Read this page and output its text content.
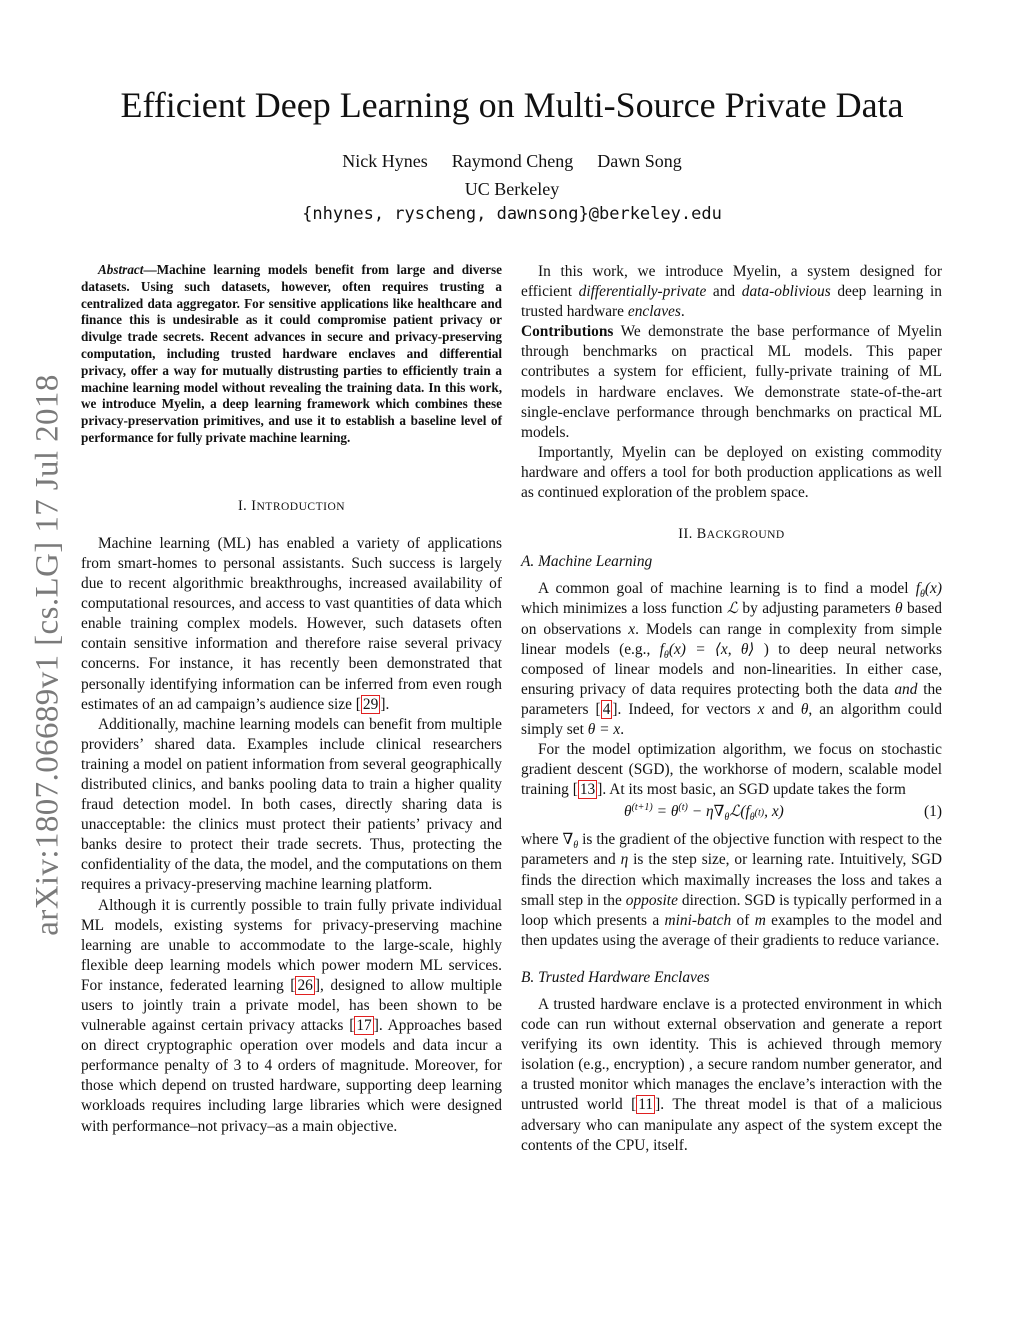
arXiv:1807.06689v1 [cs.LG] 17 Jul 2018
Efficient Deep Learning on Multi-Source Private Data
Nick Hynes Raymond Cheng Dawn Song
UC Berkeley
{nhynes, ryscheng, dawnsong}@berkeley.edu
Abstract—Machine learning models benefit from large and diverse datasets. Using such datasets, however, often requires trusting a centralized data aggregator. For sensitive applications like healthcare and finance this is undesirable as it could compromise patient privacy or divulge trade secrets. Recent advances in secure and privacy-preserving computation, including trusted hardware enclaves and differential privacy, offer a way for mutually distrusting parties to efficiently train a machine learning model without revealing the training data. In this work, we introduce Myelin, a deep learning framework which combines these privacy-preservation primitives, and use it to establish a baseline level of performance for fully private machine learning.
I. INTRODUCTION

Machine learning (ML) has enabled a variety of applications from smart-homes to personal assistants. Such success is largely due to recent algorithmic breakthroughs, increased availability of computational resources, and access to vast quantities of data which enable training complex models. However, such datasets often contain sensitive information and therefore raise several privacy concerns. For instance, it has recently been demonstrated that personally identifying information can be inferred from even rough estimates of an ad campaign’s audience size [ 29 ].

Additionally, machine learning models can benefit from multiple providers’ shared data. Examples include clinical researchers training a model on patient information from several geographically distributed clinics, and banks pooling data to train a higher quality fraud detection model. In both cases, directly sharing data is unacceptable: the clinics must protect their patients’ privacy and banks desire to protect their trade secrets. Thus, protecting the confidentiality of the data, the model, and the computations on them requires a privacy-preserving machine learning platform.

Although it is currently possible to train fully private individual ML models, existing systems for privacy-preserving machine learning are unable to accommodate to the large-scale, highly flexible deep learning models which power modern ML services. For instance, federated learning [ 26 ], designed to allow multiple users to jointly train a private model, has been shown to be vulnerable against certain privacy attacks [ 17 ]. Approaches based on direct cryptographic operation over models and data incur a performance penalty of 3 to 4 orders of magnitude. Moreover, for those which depend on trusted hardware, supporting deep learning workloads requires including large libraries which were designed with performance–not privacy–as a main objective.

In this work, we introduce Myelin, a system designed for efficient differentially-private and data-oblivious deep learning in trusted hardware enclaves.

Contributions We demonstrate the base performance of Myelin through benchmarks on practical ML models. This paper contributes a system for efficient, fully-private training of ML models in hardware enclaves. We demonstrate state-of-the-art single-enclave performance through benchmarks on practical ML models.

Importantly, Myelin can be deployed on existing commodity hardware and offers a tool for both production applications as well as continued exploration of the problem space.

II. BACKGROUND
A. Machine Learning

A common goal of machine learning is to find a model $f_\theta(x)$ which minimizes a loss function ℒ by adjusting parameters θ based on observations x. Models can range in complexity from simple linear models (e.g., $f_\theta(x)$ = ⟨x, θ⟩ ) to deep neural networks composed of linear models and non-linearities. In either case, ensuring privacy of data requires protecting both the data and the parameters [ 4 ]. Indeed, for vectors x and θ, an algorithm could simply set θ = x.

For the model optimization algorithm, we focus on stochastic gradient descent (SGD), the workhorse of modern, scalable model training [ 13 ]. At its most basic, an SGD update takes the form

$\theta^{(t+1)} = \theta^{(t)}$ − $\eta\nabla_\theta ℒ(f_{\theta^{(t)}}$, x)	(1)

where $\nabla_\theta$ is the gradient of the objective function with respect to the parameters and η is the step size, or learning rate. Intuitively, SGD finds the direction which maximally increases the loss and takes a small step in the opposite direction. SGD is typically performed in a loop which presents a mini-batch of m examples to the model and then updates using the average of their gradients to reduce variance.

B. Trusted Hardware Enclaves

A trusted hardware enclave is a protected environment in which code can run without external observation and generate a report verifying its own identity. This is achieved through memory isolation (e.g., encryption) , a secure random number generator, and a trusted monitor which manages the enclave’s interaction with the untrusted world [ 11 ]. The threat model is that of a malicious adversary who can manipulate any aspect of the system except the contents of the CPU, itself.
